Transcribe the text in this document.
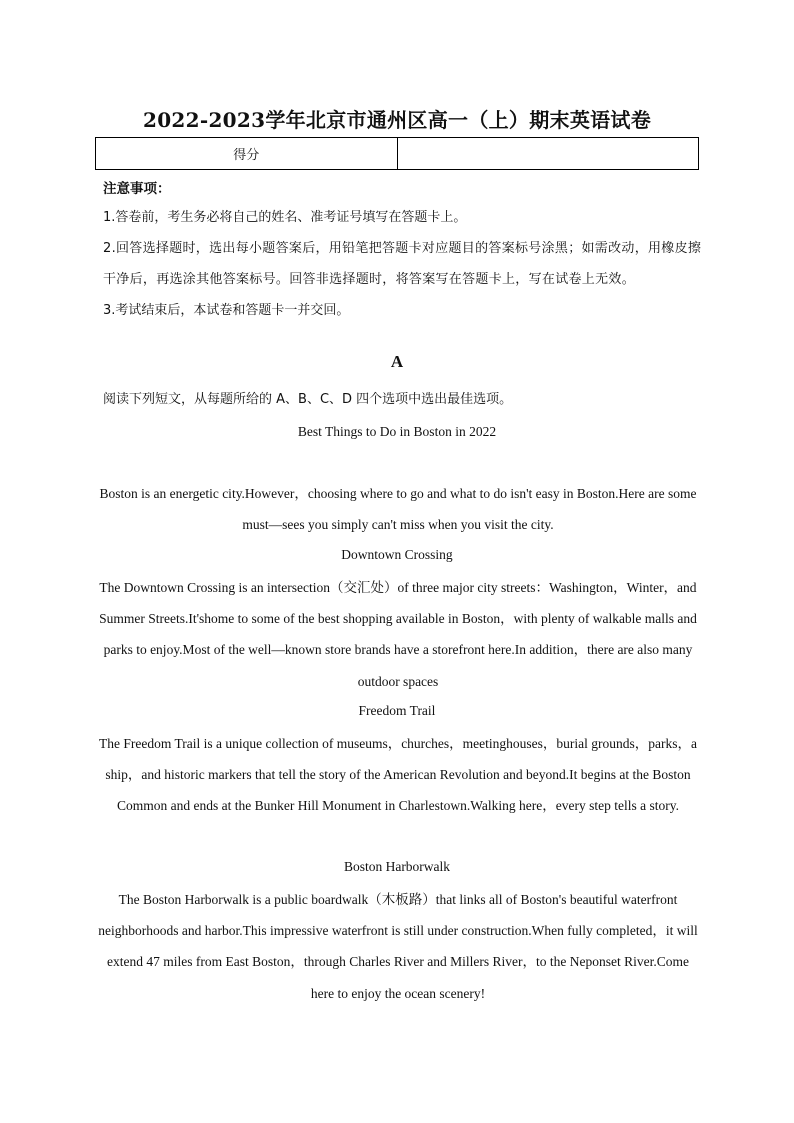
2022-2023学年北京市通州区高一（上）期末英语试卷
得分	
注意事项：
1.答卷前，考生务必将自己的姓名、准考证号填写在答题卡上。
2.回答选择题时，选出每小题答案后，用铅笔把答题卡对应题目的答案标号涂黑；如需改动，用橡皮擦干净后，再选涂其他答案标号。回答非选择题时，将答案写在答题卡上，写在试卷上无效。
3.考试结束后，本试卷和答题卡一并交回。
A
阅读下列短文，从每题所给的 A、B、C、D 四个选项中选出最佳选项。
Best Things to Do in Boston in 2022
Boston is an energetic city.However，choosing where to go and what to do isn't easy in Boston.Here are some must—sees you simply can't miss when you visit the city.
Downtown Crossing
The Downtown Crossing is an intersection（交汇处）of three major city streets：Washington，Winter，and Summer Streets.It'shome to some of the best shopping available in Boston，with plenty of walkable malls and parks to enjoy.Most of the well—known store brands have a storefront here.In addition，there are also many outdoor spaces
Freedom Trail
The Freedom Trail is a unique collection of museums，churches，meetinghouses，burial grounds，parks，a ship，and historic markers that tell the story of the American Revolution and beyond.It begins at the Boston Common and ends at the Bunker Hill Monument in Charlestown.Walking here，every step tells a story.
Boston Harborwalk
The Boston Harborwalk is a public boardwalk（木板路）that links all of Boston's beautiful waterfront neighborhoods and harbor.This impressive waterfront is still under construction.When fully completed，it will extend 47 miles from East Boston，through Charles River and Millers River，to the Neponset River.Come here to enjoy the ocean scenery!
